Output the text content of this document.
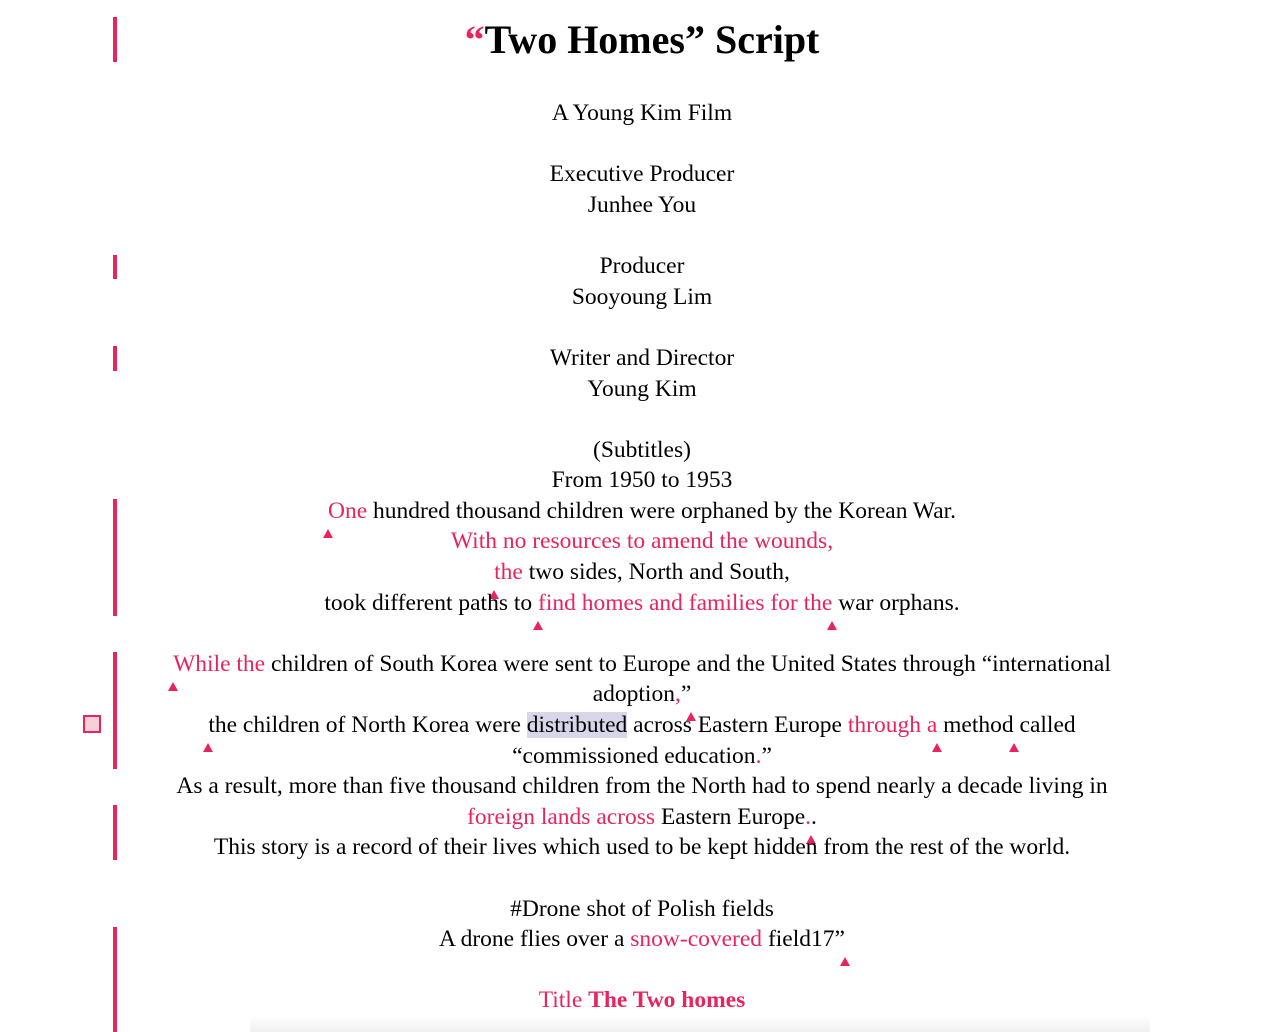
“Two Homes” Script
A Young Kim Film
Executive Producer
Junhee You
Producer
Sooyoung Lim
Writer and Director
Young Kim
(Subtitles)
From 1950 to 1953
One hundred thousand children were orphaned by the Korean War.
With no resources to amend the wounds,
the two sides, North and South,
took different paths to find homes and families for the war orphans.
While the children of South Korea were sent to Europe and the United States through “international
adoption,”
the children of North Korea were distributed across Eastern Europe through a method called
“commissioned education.”
As a result, more than five thousand children from the North had to spend nearly a decade living in
foreign lands across Eastern Europe..
This story is a record of their lives which used to be kept hidden from the rest of the world.
#Drone shot of Polish fields
A drone flies over a snow-covered field17”
Title The Two homes
